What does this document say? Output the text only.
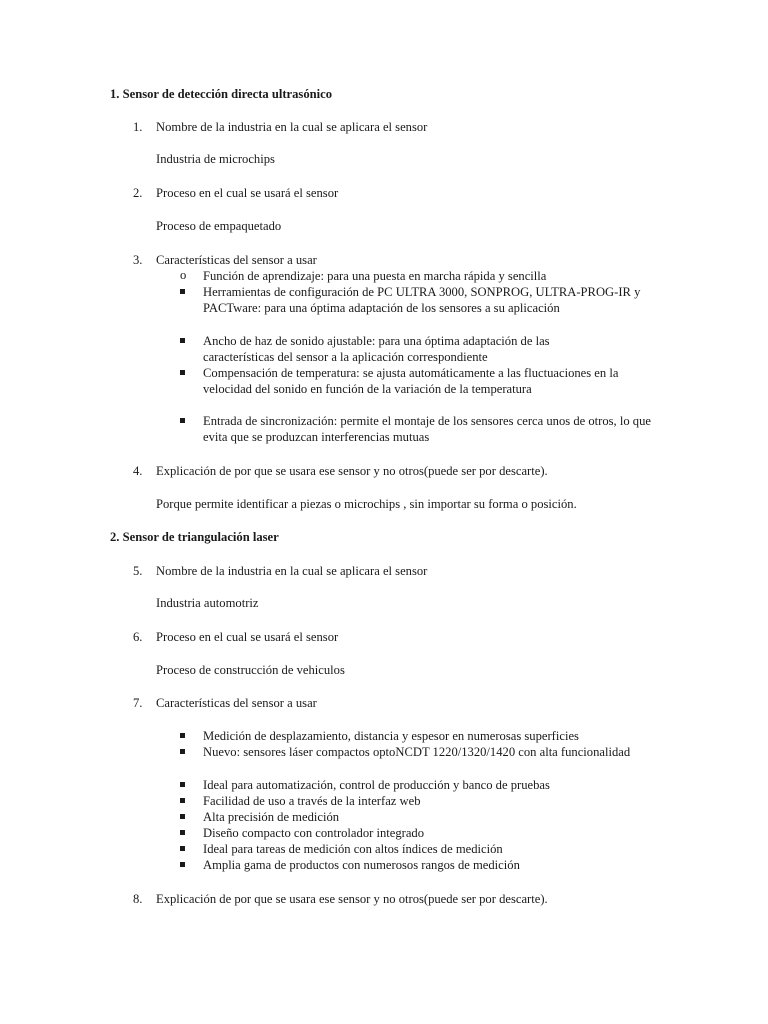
1. Sensor de detección directa ultrasónico
1. Nombre de la industria en la cual se aplicara el sensor
Industria de microchips
2. Proceso en el cual se usará el sensor
Proceso de empaquetado
3. Características del sensor a usar
o	Función de aprendizaje: para una puesta en marcha rápida y sencilla
Herramientas de configuración de PC ULTRA 3000, SONPROG, ULTRA-PROG-IR y PACTware: para una óptima adaptación de los sensores a su aplicación
Ancho de haz de sonido ajustable: para una óptima adaptación de las características del sensor a la aplicación correspondiente
Compensación de temperatura: se ajusta automáticamente a las fluctuaciones en la velocidad del sonido en función de la variación de la temperatura
Entrada de sincronización: permite el montaje de los sensores cerca unos de otros, lo que evita que se produzcan interferencias mutuas
4. Explicación de por que se usara ese sensor y no otros(puede ser por descarte).
Porque permite identificar a piezas o microchips , sin importar su forma o posición.
2. Sensor de triangulación laser
5. Nombre de la industria en la cual se aplicara el sensor
Industria automotriz
6. Proceso en el cual se usará el sensor
Proceso de construcción de vehiculos
7. Características del sensor a usar
Medición de desplazamiento, distancia y espesor en numerosas superficies
Nuevo: sensores láser compactos optoNCDT 1220/1320/1420 con alta funcionalidad
Ideal para automatización, control de producción y banco de pruebas
Facilidad de uso a través de la interfaz web
Alta precisión de medición
Diseño compacto con controlador integrado
Ideal para tareas de medición con altos índices de medición
Amplia gama de productos con numerosos rangos de medición
8. Explicación de por que se usara ese sensor y no otros(puede ser por descarte).
